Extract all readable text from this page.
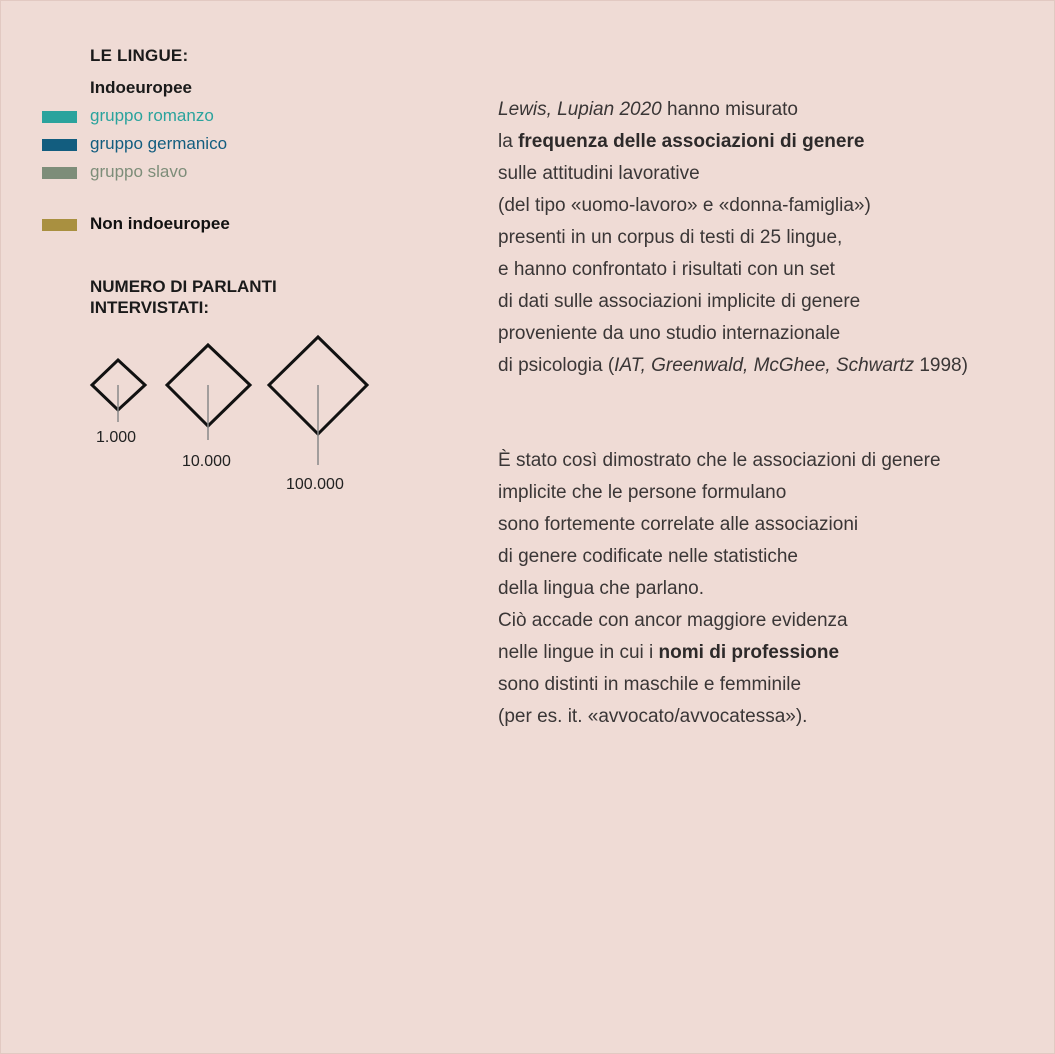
LE LINGUE:
Indoeuropee
gruppo romanzo
gruppo germanico
gruppo slavo
Non indoeuropee
NUMERO DI PARLANTI
INTERVISTATI:
1.000
10.000
100.000

Lewis, Lupian 2020 hanno misurato

la frequenza delle associazioni di genere

sulle attitudini lavorative

(del tipo «uomo-lavoro» e «donna-famiglia»)

presenti in un corpus di testi di 25 lingue,

e hanno confrontato i risultati con un set

di dati sulle associazioni implicite di genere

proveniente da uno studio internazionale

di psicologia (IAT, Greenwald, McGhee, Schwartz 1998)

È stato così dimostrato che le associazioni di genere

implicite che le persone formulano

sono fortemente correlate alle associazioni

di genere codificate nelle statistiche

della lingua che parlano.

Ciò accade con ancor maggiore evidenza

nelle lingue in cui i nomi di professione

sono distinti in maschile e femminile

(per es. it. «avvocato/avvocatessa»).
